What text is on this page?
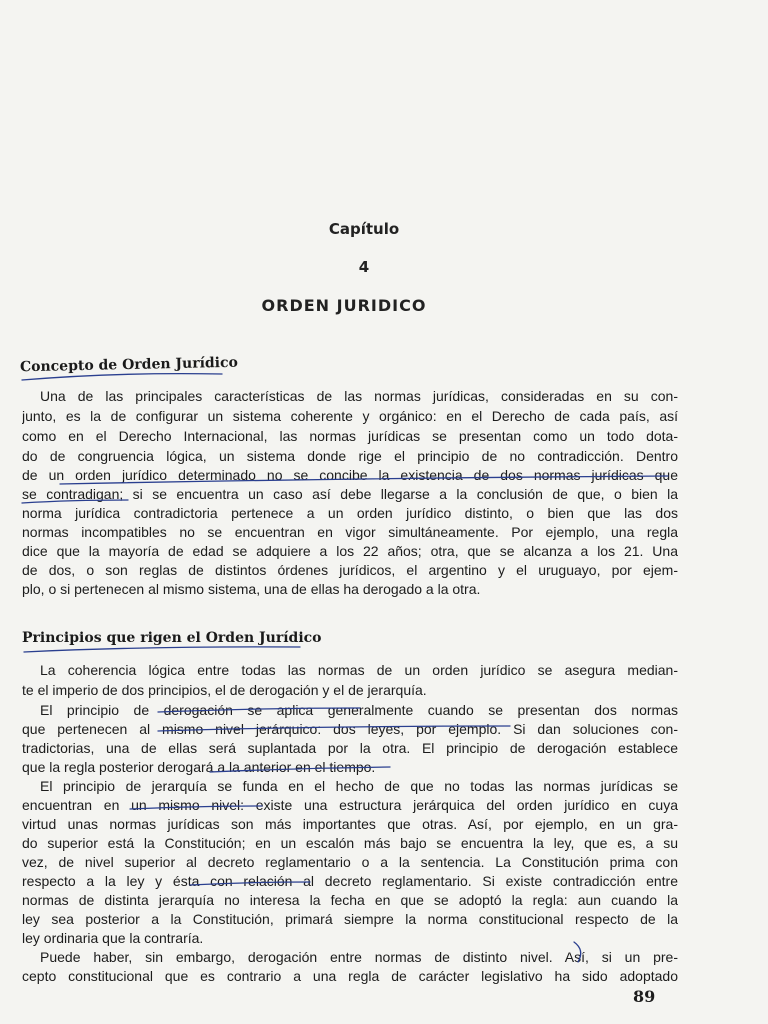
Capítulo
4
ORDEN JURIDICO
Concepto de Orden Jurídico
Una de las principales características de las normas jurídicas, consideradas en su con-
junto, es la de configurar un sistema coherente y orgánico: en el Derecho de cada país, así
como en el Derecho Internacional, las normas jurídicas se presentan como un todo dota-
do de congruencia lógica, un sistema donde rige el principio de no contradicción. Dentro
de un orden jurídico determinado no se concibe la existencia de dos normas jurídicas que
se contradigan; si se encuentra un caso así debe llegarse a la conclusión de que, o bien la
norma jurídica contradictoria pertenece a un orden jurídico distinto, o bien que las dos
normas incompatibles no se encuentran en vigor simultáneamente. Por ejemplo, una regla
dice que la mayoría de edad se adquiere a los 22 años; otra, que se alcanza a los 21. Una
de dos, o son reglas de distintos órdenes jurídicos, el argentino y el uruguayo, por ejem-
plo, o si pertenecen al mismo sistema, una de ellas ha derogado a la otra.
Principios que rigen el Orden Jurídico
La coherencia lógica entre todas las normas de un orden jurídico se asegura median-
te el imperio de dos principios, el de derogación y el de jerarquía.
El principio de derogación se aplica generalmente cuando se presentan dos normas
que pertenecen al mismo nivel jerárquico: dos leyes, por ejemplo. Si dan soluciones con-
tradictorias, una de ellas será suplantada por la otra. El principio de derogación establece
que la regla posterior derogará a la anterior en el tiempo.
El principio de jerarquía se funda en el hecho de que no todas las normas jurídicas se
encuentran en un mismo nivel: existe una estructura jerárquica del orden jurídico en cuya
virtud unas normas jurídicas son más importantes que otras. Así, por ejemplo, en un gra-
do superior está la Constitución; en un escalón más bajo se encuentra la ley, que es, a su
vez, de nivel superior al decreto reglamentario o a la sentencia. La Constitución prima con
respecto a la ley y ésta con relación al decreto reglamentario. Si existe contradicción entre
normas de distinta jerarquía no interesa la fecha en que se adoptó la regla: aun cuando la
ley sea posterior a la Constitución, primará siempre la norma constitucional respecto de la
ley ordinaria que la contraría.
Puede haber, sin embargo, derogación entre normas de distinto nivel. Así, si un pre-
cepto constitucional que es contrario a una regla de carácter legislativo ha sido adoptado
89
